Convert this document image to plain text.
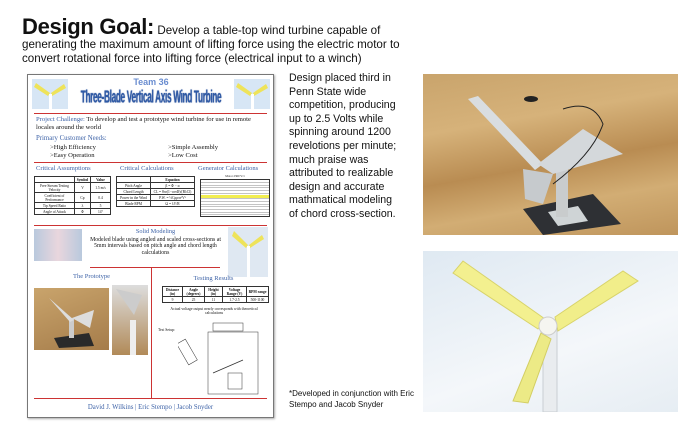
Design Goal: Develop a table-top wind turbine capable of generating the maximum amount of lifting force using the electric motor to convert rotational force into lifting force (electrical input to a winch)
Design placed third in Penn State wide competition, producing up to 2.5 Volts while spinning around 1200 revelotions per minute; much praise was attributed to realizable design and accurate mathmatical modeling of chord cross-section.
*Developed in conjunction with Eric Stempo and Jacob Snyder
Team 36
Three-Blade Vertical Axis Wind Turbine
Project Challenge: To develop and test a prototype wind turbine for use in remote locales around the world
Primary Customer Needs:
>High Efficiency
>Easy Operation
>Simple Assembly
>Low Cost
Critical Assumptions	Critical Calculations	Generator Calculations
	Symbol	Value
Free Stream Testing Velocity	V	1.5 m/s
Coefficient of Performance	Cp	0.4
Tip Speed Ratio	λ	5
Angle of Attack	Φ	14°
	Equation
Pitch Angle	β = Φ − α
Chord Length	CL = 8πr(1−cosΦ)/(BλCl)
Power in the Wind	P.W. = ½Cpρπr²V³
Blade RPM	Ω = λV/R
Motor 2360 V/1
Solid Modeling
Modeled blade using angled and scaled cross-sections at 5mm intervals based on pitch angle and chord length calculations
The Prototype	Testing Results
Distance (in)	Angle (degrees)	Height (in)	Voltage Range (V)	RPM range
9	25	11	1.7-2.5	500-1100
Actual voltage output nearly corresponds with theoretical calculations
Test Setup:
David J. Wilkins | Eric Stempo | Jacob Snyder
